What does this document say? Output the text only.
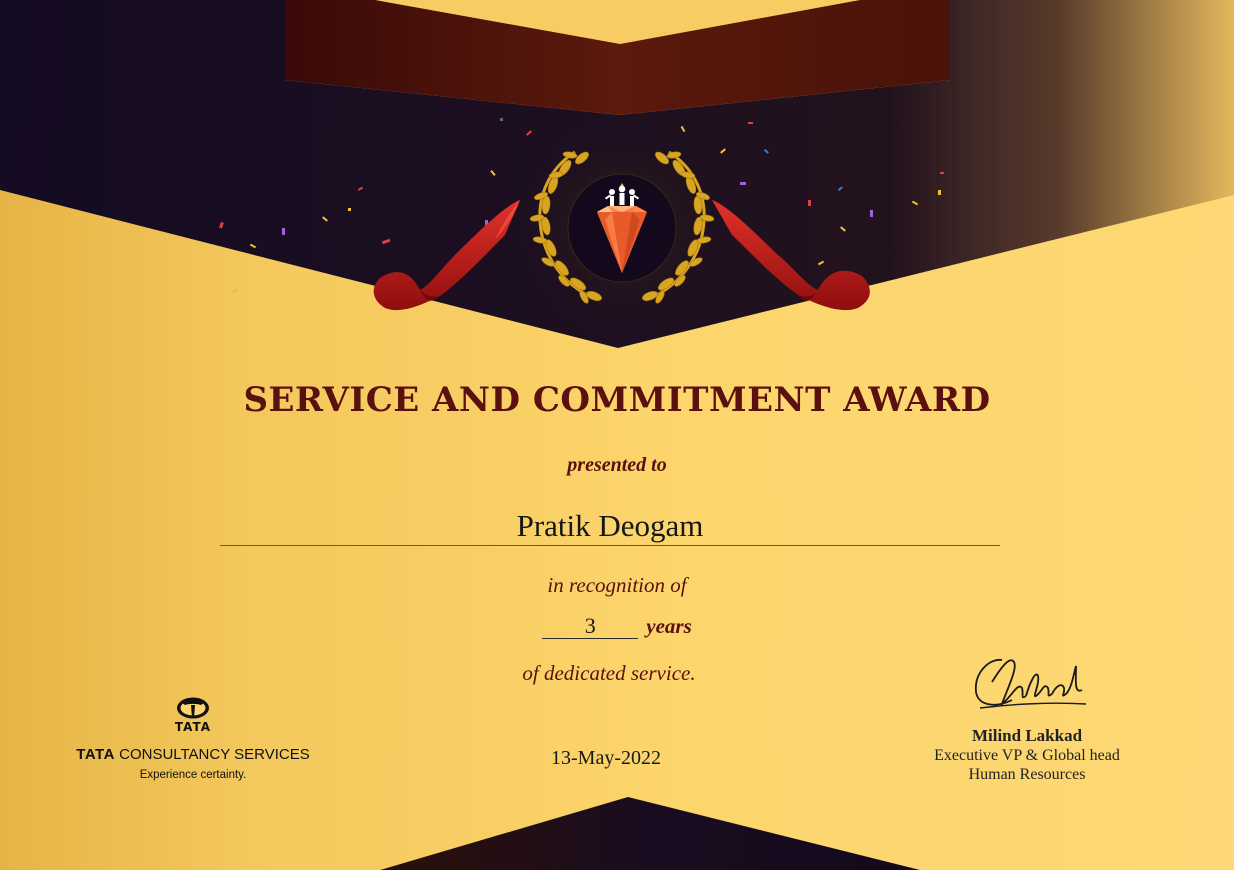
SERVICE AND COMMITMENT AWARD
presented to
Pratik Deogam
in recognition of
3 years
of dedicated service.
13-May-2022
TATA
TATA CONSULTANCY SERVICES
Experience certainty.
Milind Lakkad
Executive VP & Global head
Human Resources
